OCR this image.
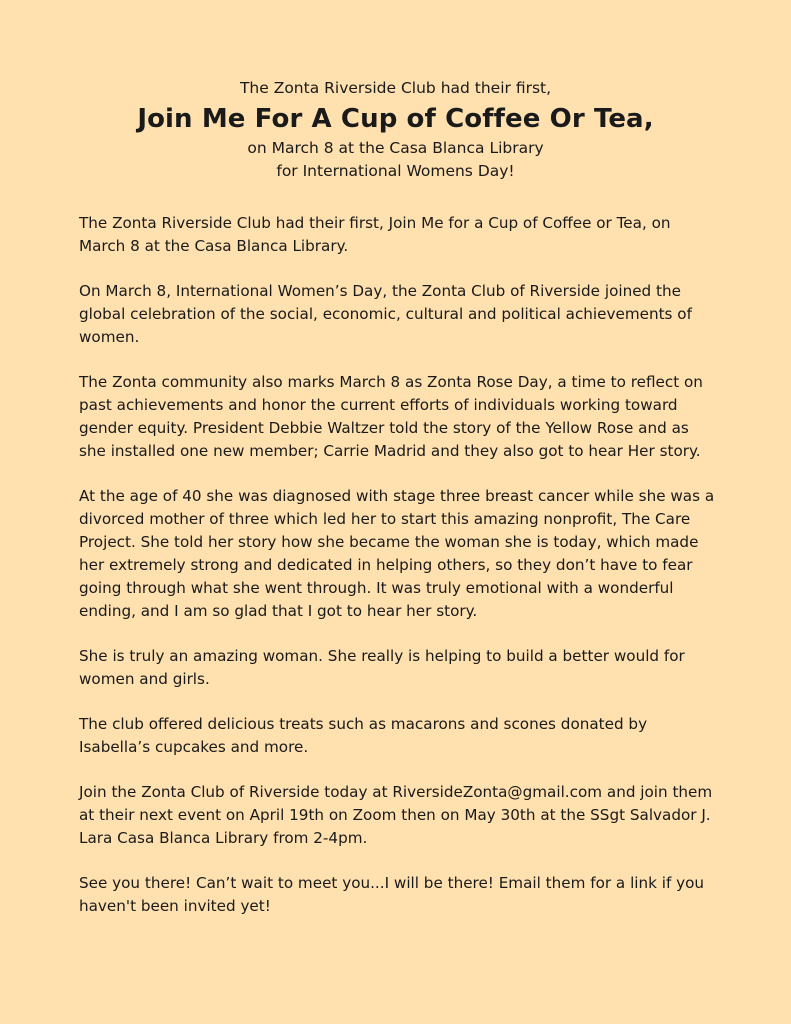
The Zonta Riverside Club had their first,
Join Me For A Cup of Coffee Or Tea,
on March 8 at the Casa Blanca Library
for International Womens Day!

The Zonta Riverside Club had their first, Join Me for a Cup of Coffee or Tea, on March 8 at the Casa Blanca Library.

On March 8, International Women’s Day, the Zonta Club of Riverside joined the global celebration of the social, economic, cultural and political achievements of women.

The Zonta community also marks March 8 as Zonta Rose Day, a time to reflect on past achievements and honor the current efforts of individuals working toward gender equity. President Debbie Waltzer told the story of the Yellow Rose and as she installed one new member; Carrie Madrid and they also got to hear Her story.

At the age of 40 she was diagnosed with stage three breast cancer while she was a divorced mother of three which led her to start this amazing nonprofit, The Care Project. She told her story how she became the woman she is today, which made her extremely strong and dedicated in helping others, so they don’t have to fear going through what she went through. It was truly emotional with a wonderful ending, and I am so glad that I got to hear her story.

She is truly an amazing woman. She really is helping to build a better would for women and girls.

The club offered delicious treats such as macarons and scones donated by Isabella’s cupcakes and more.

Join the Zonta Club of Riverside today at RiversideZonta@gmail.com and join them at their next event on April 19th on Zoom then on May 30th at the SSgt Salvador J. Lara Casa Blanca Library from 2-4pm.

See you there! Can’t wait to meet you...I will be there! Email them for a link if you haven't been invited yet!
